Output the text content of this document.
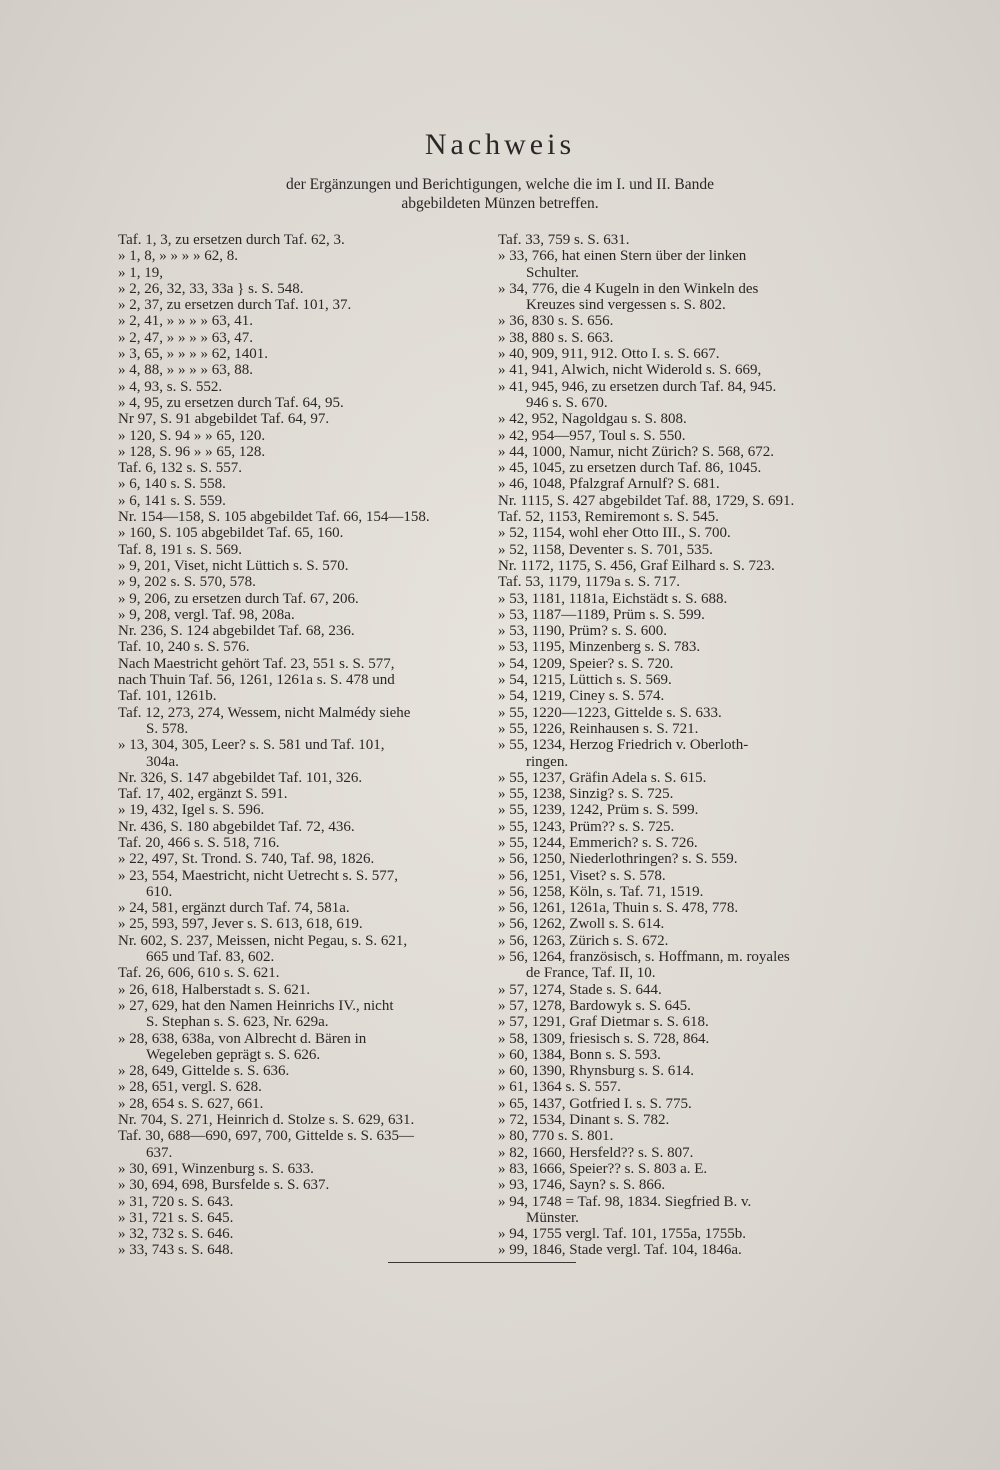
Nachweis
der Ergänzungen und Berichtigungen, welche die im I. und II. Bande
abgebildeten Münzen betreffen.
Taf. 1, 3, zu ersetzen durch Taf. 62, 3.
» 1, 8, » » » » 62, 8.
» 1, 19,
» 2, 26, 32, 33, 33a } s. S. 548.
» 2, 37, zu ersetzen durch Taf. 101, 37.
» 2, 41, » » » » 63, 41.
» 2, 47, » » » » 63, 47.
» 3, 65, » » » » 62, 1401.
» 4, 88, » » » » 63, 88.
» 4, 93, s. S. 552.
» 4, 95, zu ersetzen durch Taf. 64, 95.
Nr 97, S. 91 abgebildet Taf. 64, 97.
» 120, S. 94 » » 65, 120.
» 128, S. 96 » » 65, 128.
Taf. 6, 132 s. S. 557.
» 6, 140 s. S. 558.
» 6, 141 s. S. 559.
Nr. 154—158, S. 105 abgebildet Taf. 66, 154—158.
» 160, S. 105 abgebildet Taf. 65, 160.
Taf. 8, 191 s. S. 569.
» 9, 201, Viset, nicht Lüttich s. S. 570.
» 9, 202 s. S. 570, 578.
» 9, 206, zu ersetzen durch Taf. 67, 206.
» 9, 208, vergl. Taf. 98, 208a.
Nr. 236, S. 124 abgebildet Taf. 68, 236.
Taf. 10, 240 s. S. 576.
Nach Maestricht gehört Taf. 23, 551 s. S. 577,
nach Thuin Taf. 56, 1261, 1261a s. S. 478 und
Taf. 101, 1261b.
Taf. 12, 273, 274, Wessem, nicht Malmédy siehe
S. 578.
» 13, 304, 305, Leer? s. S. 581 und Taf. 101,
304a.
Nr. 326, S. 147 abgebildet Taf. 101, 326.
Taf. 17, 402, ergänzt S. 591.
» 19, 432, Igel s. S. 596.
Nr. 436, S. 180 abgebildet Taf. 72, 436.
Taf. 20, 466 s. S. 518, 716.
» 22, 497, St. Trond. S. 740, Taf. 98, 1826.
» 23, 554, Maestricht, nicht Uetrecht s. S. 577,
610.
» 24, 581, ergänzt durch Taf. 74, 581a.
» 25, 593, 597, Jever s. S. 613, 618, 619.
Nr. 602, S. 237, Meissen, nicht Pegau, s. S. 621,
665 und Taf. 83, 602.
Taf. 26, 606, 610 s. S. 621.
» 26, 618, Halberstadt s. S. 621.
» 27, 629, hat den Namen Heinrichs IV., nicht
S. Stephan s. S. 623, Nr. 629a.
» 28, 638, 638a, von Albrecht d. Bären in
Wegeleben geprägt s. S. 626.
» 28, 649, Gittelde s. S. 636.
» 28, 651, vergl. S. 628.
» 28, 654 s. S. 627, 661.
Nr. 704, S. 271, Heinrich d. Stolze s. S. 629, 631.
Taf. 30, 688—690, 697, 700, Gittelde s. S. 635—
637.
» 30, 691, Winzenburg s. S. 633.
» 30, 694, 698, Bursfelde s. S. 637.
» 31, 720 s. S. 643.
» 31, 721 s. S. 645.
» 32, 732 s. S. 646.
» 33, 743 s. S. 648.
Taf. 33, 759 s. S. 631.
» 33, 766, hat einen Stern über der linken
Schulter.
» 34, 776, die 4 Kugeln in den Winkeln des
Kreuzes sind vergessen s. S. 802.
» 36, 830 s. S. 656.
» 38, 880 s. S. 663.
» 40, 909, 911, 912. Otto I. s. S. 667.
» 41, 941, Alwich, nicht Widerold s. S. 669,
» 41, 945, 946, zu ersetzen durch Taf. 84, 945.
946 s. S. 670.
» 42, 952, Nagoldgau s. S. 808.
» 42, 954—957, Toul s. S. 550.
» 44, 1000, Namur, nicht Zürich? S. 568, 672.
» 45, 1045, zu ersetzen durch Taf. 86, 1045.
» 46, 1048, Pfalzgraf Arnulf? S. 681.
Nr. 1115, S. 427 abgebildet Taf. 88, 1729, S. 691.
Taf. 52, 1153, Remiremont s. S. 545.
» 52, 1154, wohl eher Otto III., S. 700.
» 52, 1158, Deventer s. S. 701, 535.
Nr. 1172, 1175, S. 456, Graf Eilhard s. S. 723.
Taf. 53, 1179, 1179a s. S. 717.
» 53, 1181, 1181a, Eichstädt s. S. 688.
» 53, 1187—1189, Prüm s. S. 599.
» 53, 1190, Prüm? s. S. 600.
» 53, 1195, Minzenberg s. S. 783.
» 54, 1209, Speier? s. S. 720.
» 54, 1215, Lüttich s. S. 569.
» 54, 1219, Ciney s. S. 574.
» 55, 1220—1223, Gittelde s. S. 633.
» 55, 1226, Reinhausen s. S. 721.
» 55, 1234, Herzog Friedrich v. Oberloth-
ringen.
» 55, 1237, Gräfin Adela s. S. 615.
» 55, 1238, Sinzig? s. S. 725.
» 55, 1239, 1242, Prüm s. S. 599.
» 55, 1243, Prüm?? s. S. 725.
» 55, 1244, Emmerich? s. S. 726.
» 56, 1250, Niederlothringen? s. S. 559.
» 56, 1251, Viset? s. S. 578.
» 56, 1258, Köln, s. Taf. 71, 1519.
» 56, 1261, 1261a, Thuin s. S. 478, 778.
» 56, 1262, Zwoll s. S. 614.
» 56, 1263, Zürich s. S. 672.
» 56, 1264, französisch, s. Hoffmann, m. royales
de France, Taf. II, 10.
» 57, 1274, Stade s. S. 644.
» 57, 1278, Bardowyk s. S. 645.
» 57, 1291, Graf Dietmar s. S. 618.
» 58, 1309, friesisch s. S. 728, 864.
» 60, 1384, Bonn s. S. 593.
» 60, 1390, Rhynsburg s. S. 614.
» 61, 1364 s. S. 557.
» 65, 1437, Gotfried I. s. S. 775.
» 72, 1534, Dinant s. S. 782.
» 80, 770 s. S. 801.
» 82, 1660, Hersfeld?? s. S. 807.
» 83, 1666, Speier?? s. S. 803 a. E.
» 93, 1746, Sayn? s. S. 866.
» 94, 1748 = Taf. 98, 1834. Siegfried B. v.
Münster.
» 94, 1755 vergl. Taf. 101, 1755a, 1755b.
» 99, 1846, Stade vergl. Taf. 104, 1846a.
